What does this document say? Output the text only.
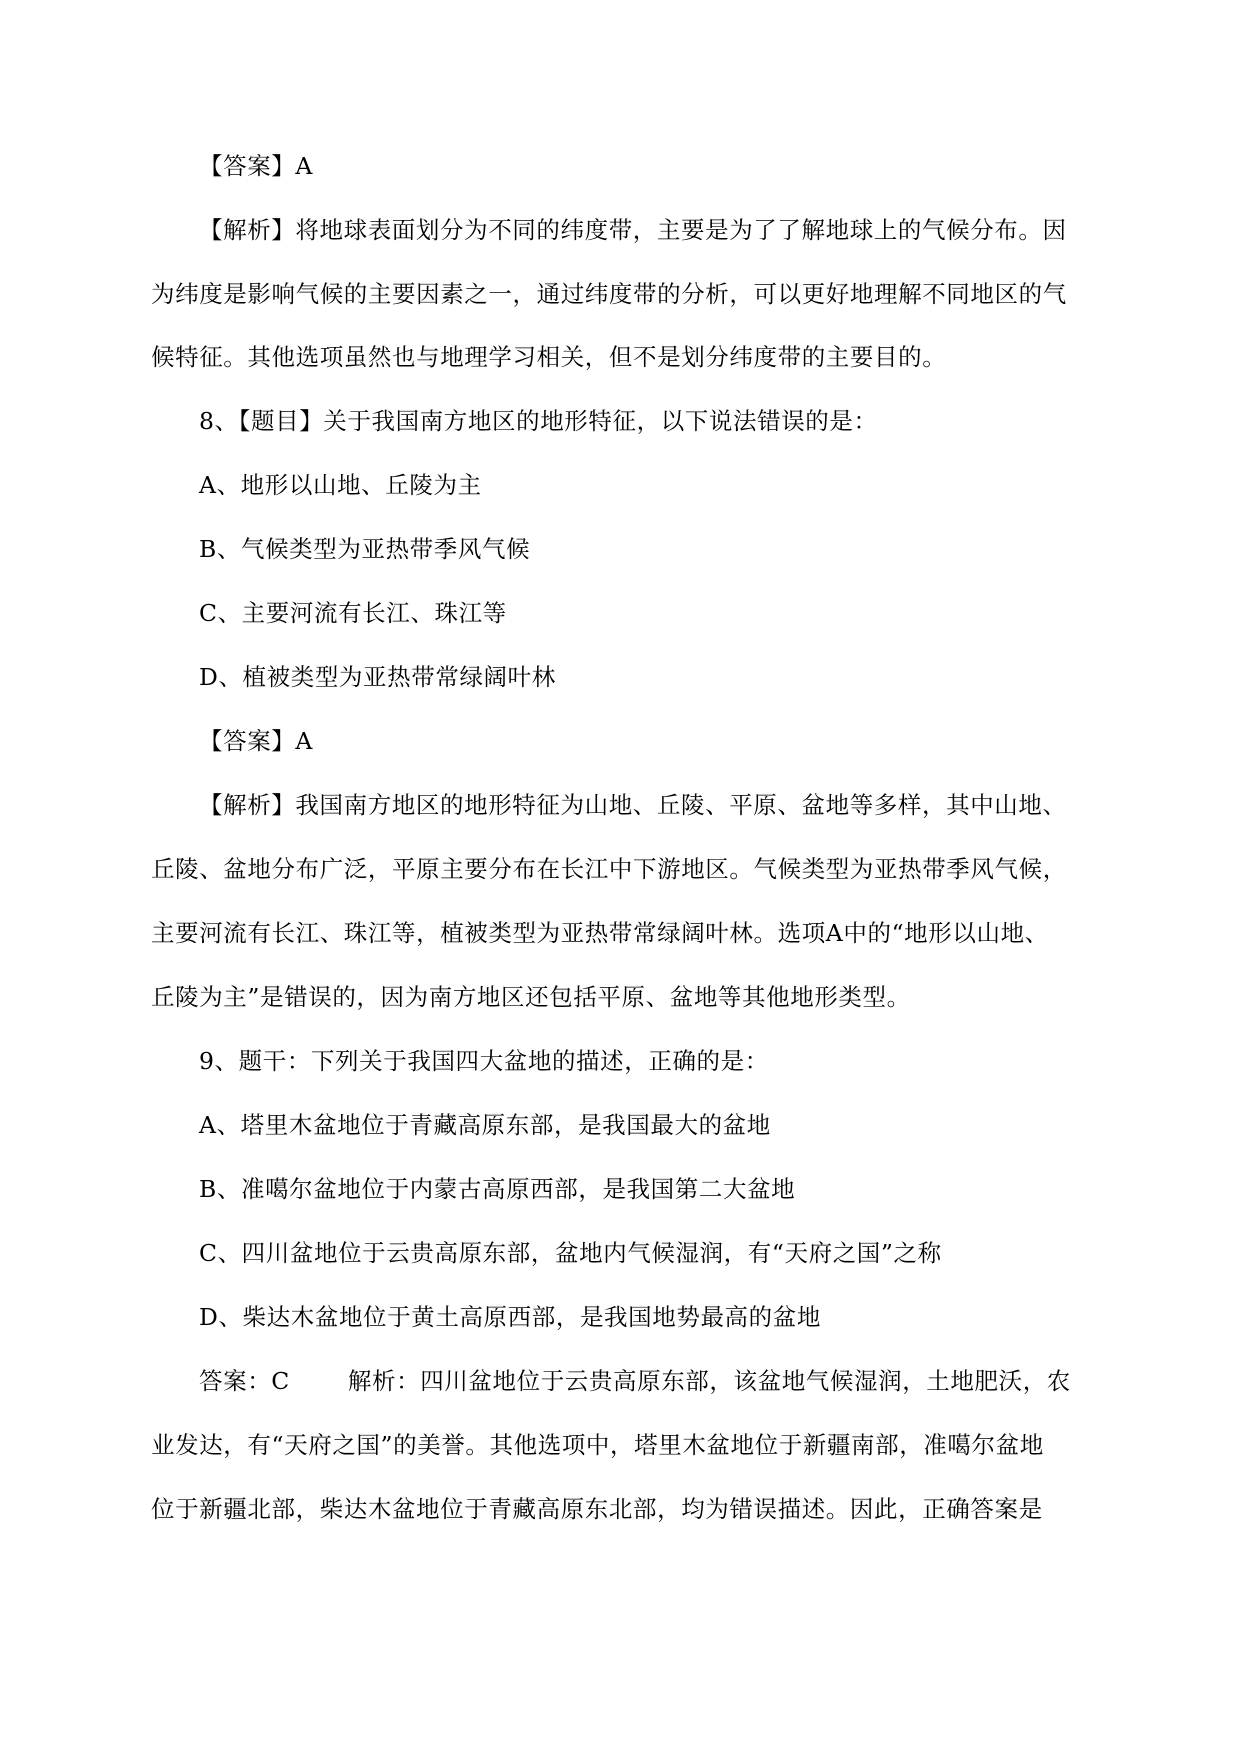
【答案】A
【解析】将地球表面划分为不同的纬度带，主要是为了了解地球上的气候分布。因
为纬度是影响气候的主要因素之一，通过纬度带的分析，可以更好地理解不同地区的气
候特征。其他选项虽然也与地理学习相关，但不是划分纬度带的主要目的。
8、【题目】关于我国南方地区的地形特征，以下说法错误的是：
A、地形以山地、丘陵为主
B、气候类型为亚热带季风气候
C、主要河流有长江、珠江等
D、植被类型为亚热带常绿阔叶林
【答案】A
【解析】我国南方地区的地形特征为山地、丘陵、平原、盆地等多样，其中山地、
丘陵、盆地分布广泛，平原主要分布在长江中下游地区。气候类型为亚热带季风气候，
主要河流有长江、珠江等，植被类型为亚热带常绿阔叶林。选项A中的“地形以山地、
丘陵为主”是错误的，因为南方地区还包括平原、盆地等其他地形类型。
9、题干：下列关于我国四大盆地的描述，正确的是：
A、塔里木盆地位于青藏高原东部，是我国最大的盆地
B、准噶尔盆地位于内蒙古高原西部，是我国第二大盆地
C、四川盆地位于云贵高原东部，盆地内气候湿润，有“天府之国”之称
D、柴达木盆地位于黄土高原西部，是我国地势最高的盆地
答案：C 解析：四川盆地位于云贵高原东部，该盆地气候湿润，土地肥沃，农
业发达，有“天府之国”的美誉。其他选项中，塔里木盆地位于新疆南部，准噶尔盆地
位于新疆北部，柴达木盆地位于青藏高原东北部，均为错误描述。因此，正确答案是
